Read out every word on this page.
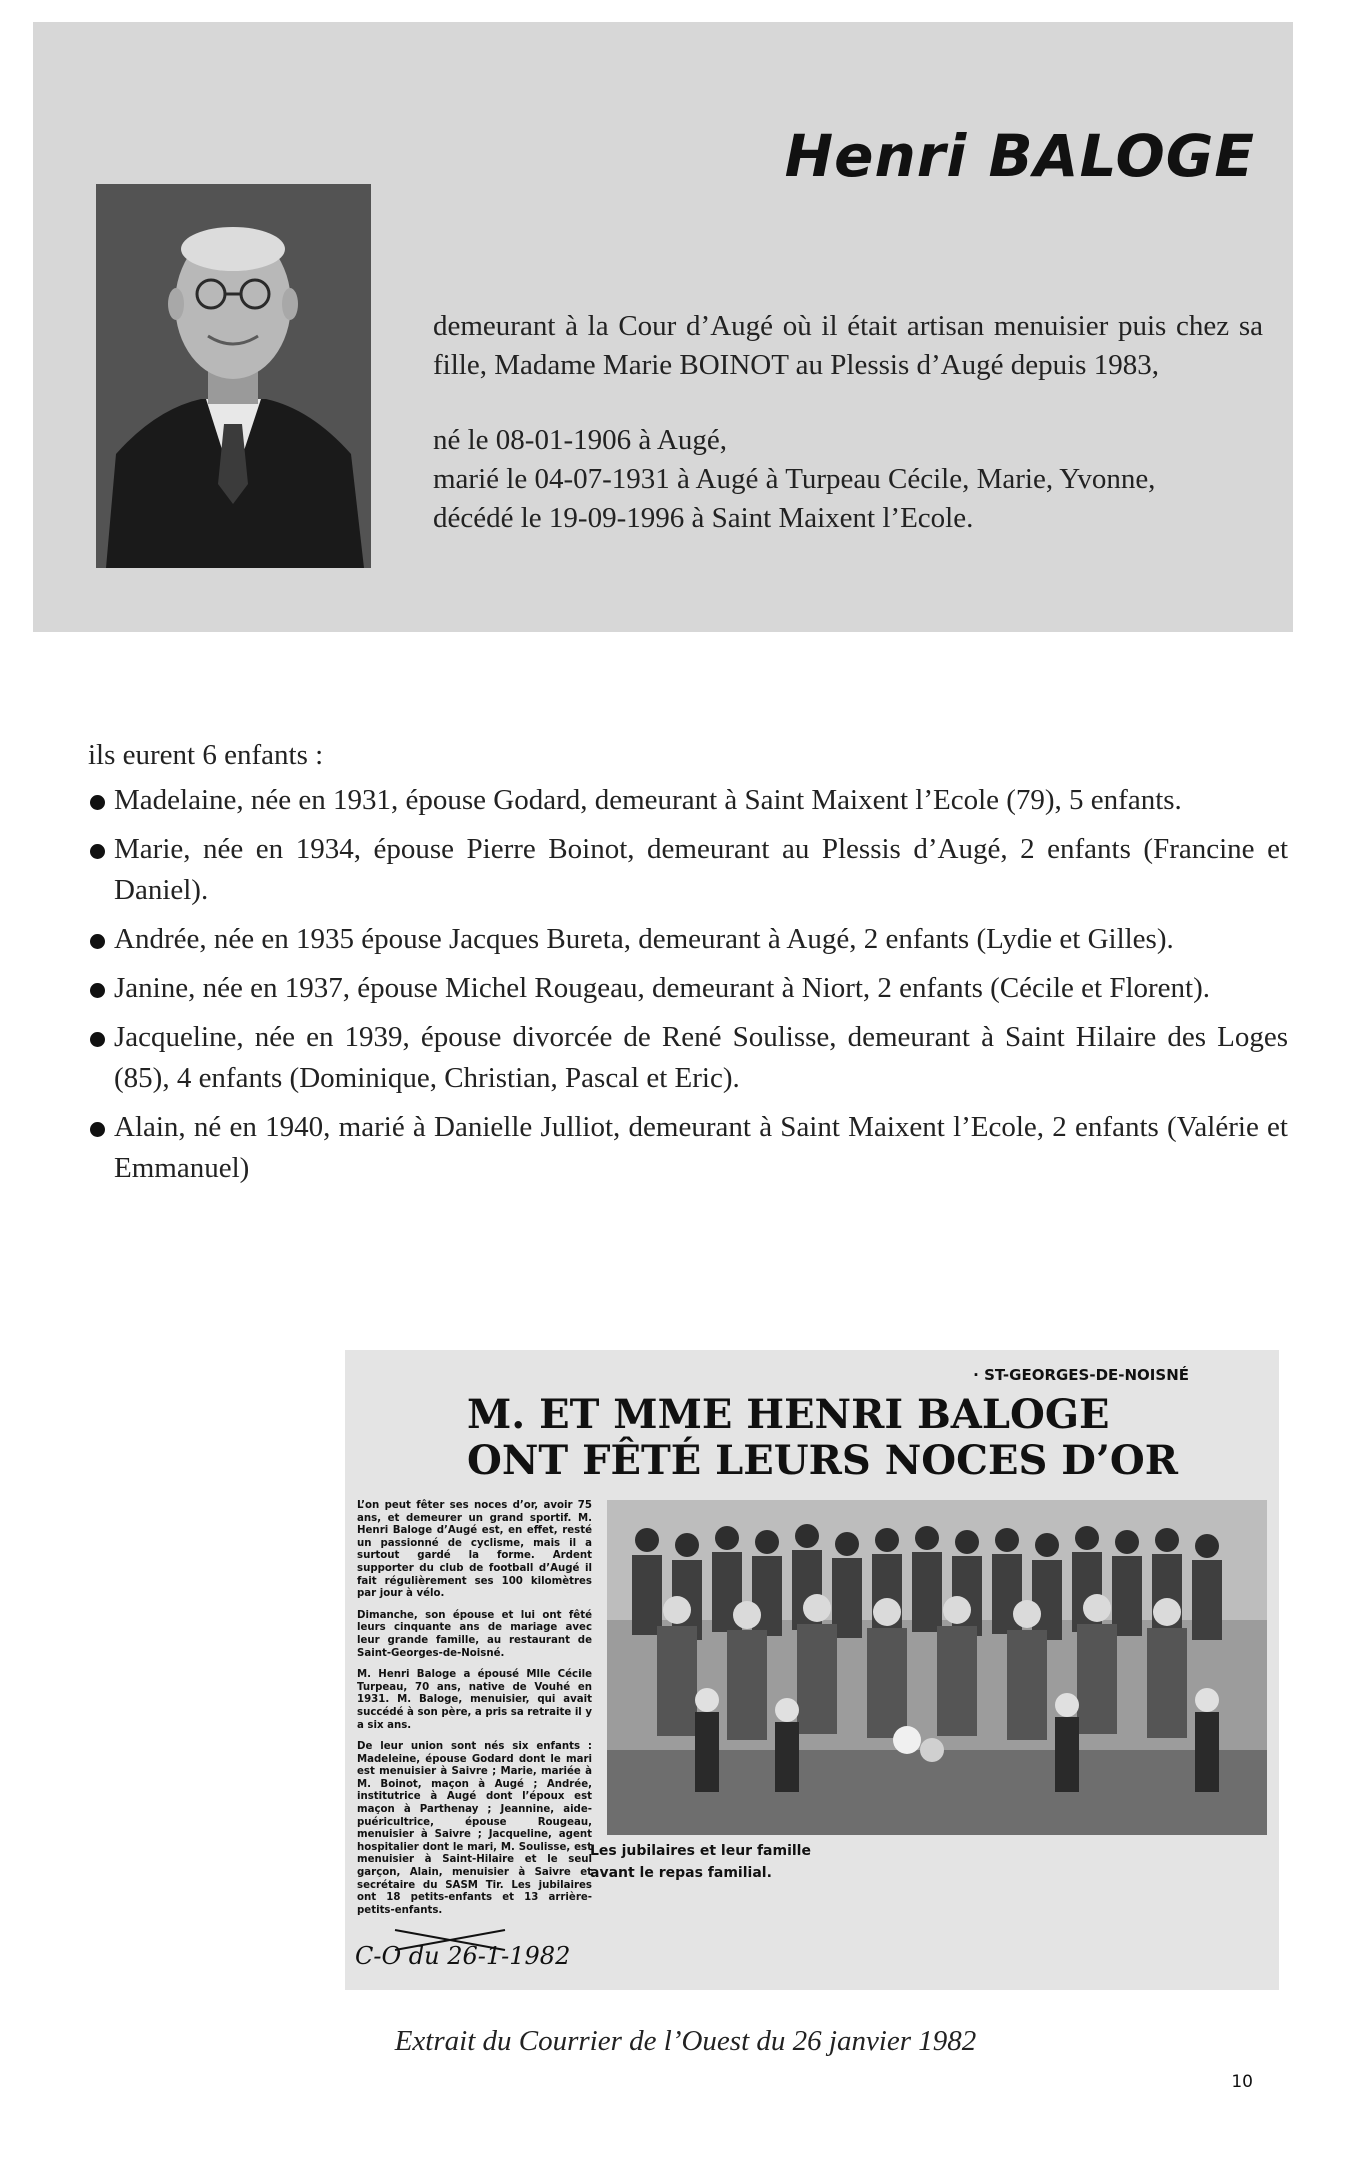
Henri BALOGE

demeurant à la Cour d’Augé où il était artisan menuisier puis chez sa fille, Madame Marie BOINOT au Plessis d’Augé depuis 1983,

né le 08-01-1906 à Augé,

marié le 04-07-1931 à Augé à Turpeau Cécile, Marie, Yvonne,

décédé le 19-09-1996 à Saint Maixent l’Ecole.

ils eurent 6 enfants :

Madelaine, née en 1931, épouse Godard, demeurant à Saint Maixent l’Ecole (79), 5 enfants.

Marie, née en 1934, épouse Pierre Boinot, demeurant au Plessis d’Augé, 2 enfants (Francine et Daniel).

Andrée, née en 1935 épouse Jacques Bureta, demeurant à Augé, 2 enfants (Lydie et Gilles).

Janine, née en 1937, épouse Michel Rougeau, demeurant à Niort, 2 enfants (Cécile et Florent).

Jacqueline, née en 1939, épouse divorcée de René Soulisse, demeurant à Saint Hilaire des Loges (85), 4 enfants (Dominique, Christian, Pascal et Eric).

Alain, né en 1940, marié à Danielle Julliot, demeurant à Saint Maixent l’Ecole, 2 enfants (Valérie et Emmanuel)

· ST-GEORGES-DE-NOISNÉ
M. ET MME HENRI BALOGE
ONT FÊTÉ LEURS NOCES D’OR

L’on peut fêter ses noces d’or, avoir 75 ans, et demeurer un grand sportif. M. Henri Baloge d’Augé est, en effet, resté un passionné de cyclisme, mais il a surtout gardé la forme. Ardent supporter du club de football d’Augé il fait régulièrement ses 100 kilomètres par jour à vélo.

Dimanche, son épouse et lui ont fêté leurs cinquante ans de mariage avec leur grande famille, au restaurant de Saint-Georges-de-Noisné.

M. Henri Baloge a épousé Mlle Cécile Turpeau, 70 ans, native de Vouhé en 1931. M. Baloge, menuisier, qui avait succédé à son père, a pris sa retraite il y a six ans.

De leur union sont nés six enfants : Madeleine, épouse Godard dont le mari est menuisier à Saivre ; Marie, mariée à M. Boinot, maçon à Augé ; Andrée, institutrice à Augé dont l’époux est maçon à Parthenay ; Jeannine, aide-puéricultrice, épouse Rougeau, menuisier à Saivre ; Jacqueline, agent hospitalier dont le mari, M. Soulisse, est menuisier à Saint-Hilaire et le seul garçon, Alain, menuisier à Saivre et secrétaire du SASM Tir. Les jubilaires ont 18 petits-enfants et 13 arrière-petits-enfants.

Les jubilaires et leur famille
avant le repas familial.
C-O du 26-1-1982
Extrait du Courrier de l’Ouest du 26 janvier 1982
10
